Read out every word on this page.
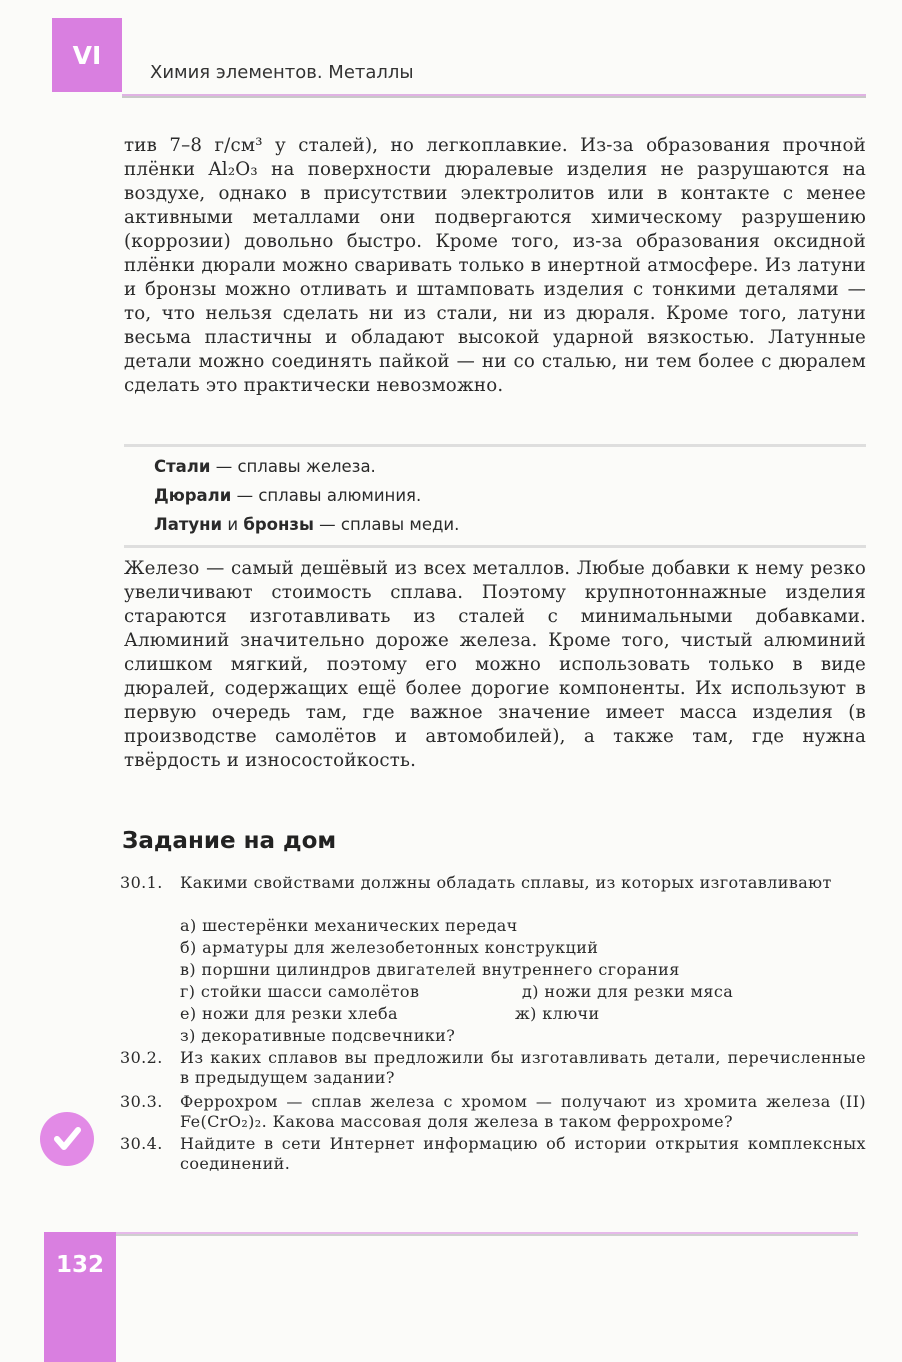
VI
Химия элементов. Металлы

тив 7–8 г/см³ у сталей), но легкоплавкие. Из-за образования прочной плёнки Al₂O₃ на поверхности дюралевые изделия не разрушаются на воздухе, однако в присутствии электролитов или в контакте с менее активными металлами они подвергаются химическому разрушению (коррозии) довольно быстро. Кроме того, из-за образования оксидной плёнки дюрали можно сваривать только в инертной атмосфере. Из латуни и бронзы можно отливать и штамповать изделия с тонкими деталями — то, что нельзя сделать ни из стали, ни из дюраля. Кроме того, латуни весьма пластичны и обладают высокой ударной вязкостью. Латунные детали можно соединять пайкой — ни со сталью, ни тем более с дюралем сделать это практически невозможно.

Стали — сплавы железа.
Дюрали — сплавы алюминия.
Латуни и бронзы — сплавы меди.

Железо — самый дешёвый из всех металлов. Любые добавки к нему резко увеличивают стоимость сплава. Поэтому крупнотоннажные изделия стараются изготавливать из сталей с минимальными добавками. Алюминий значительно дороже железа. Кроме того, чистый алюминий слишком мягкий, поэтому его можно использовать только в виде дюралей, содержащих ещё более дорогие компоненты. Их используют в первую очередь там, где важное значение имеет масса изделия (в производстве самолётов и автомобилей), а также там, где нужна твёрдость и износостойкость.

Задание на дом
30.1. Какими свойствами должны обладать сплавы, из которых изготавливают
а) шестерёнки механических передач
б) арматуры для железобетонных конструкций
в) поршни цилиндров двигателей внутреннего сгорания
г) стойки шасси самолётов	д) ножи для резки мяса
е) ножи для резки хлеба	ж) ключи
з) декоративные подсвечники?
30.2. Из каких сплавов вы предложили бы изготавливать детали, перечисленные в предыдущем задании?
30.3. Феррохром — сплав железа с хромом — получают из хромита железа (II) Fe(CrO₂)₂. Какова массовая доля железа в таком феррохроме?
30.4. Найдите в сети Интернет информацию об истории открытия комплексных соединений.
132
